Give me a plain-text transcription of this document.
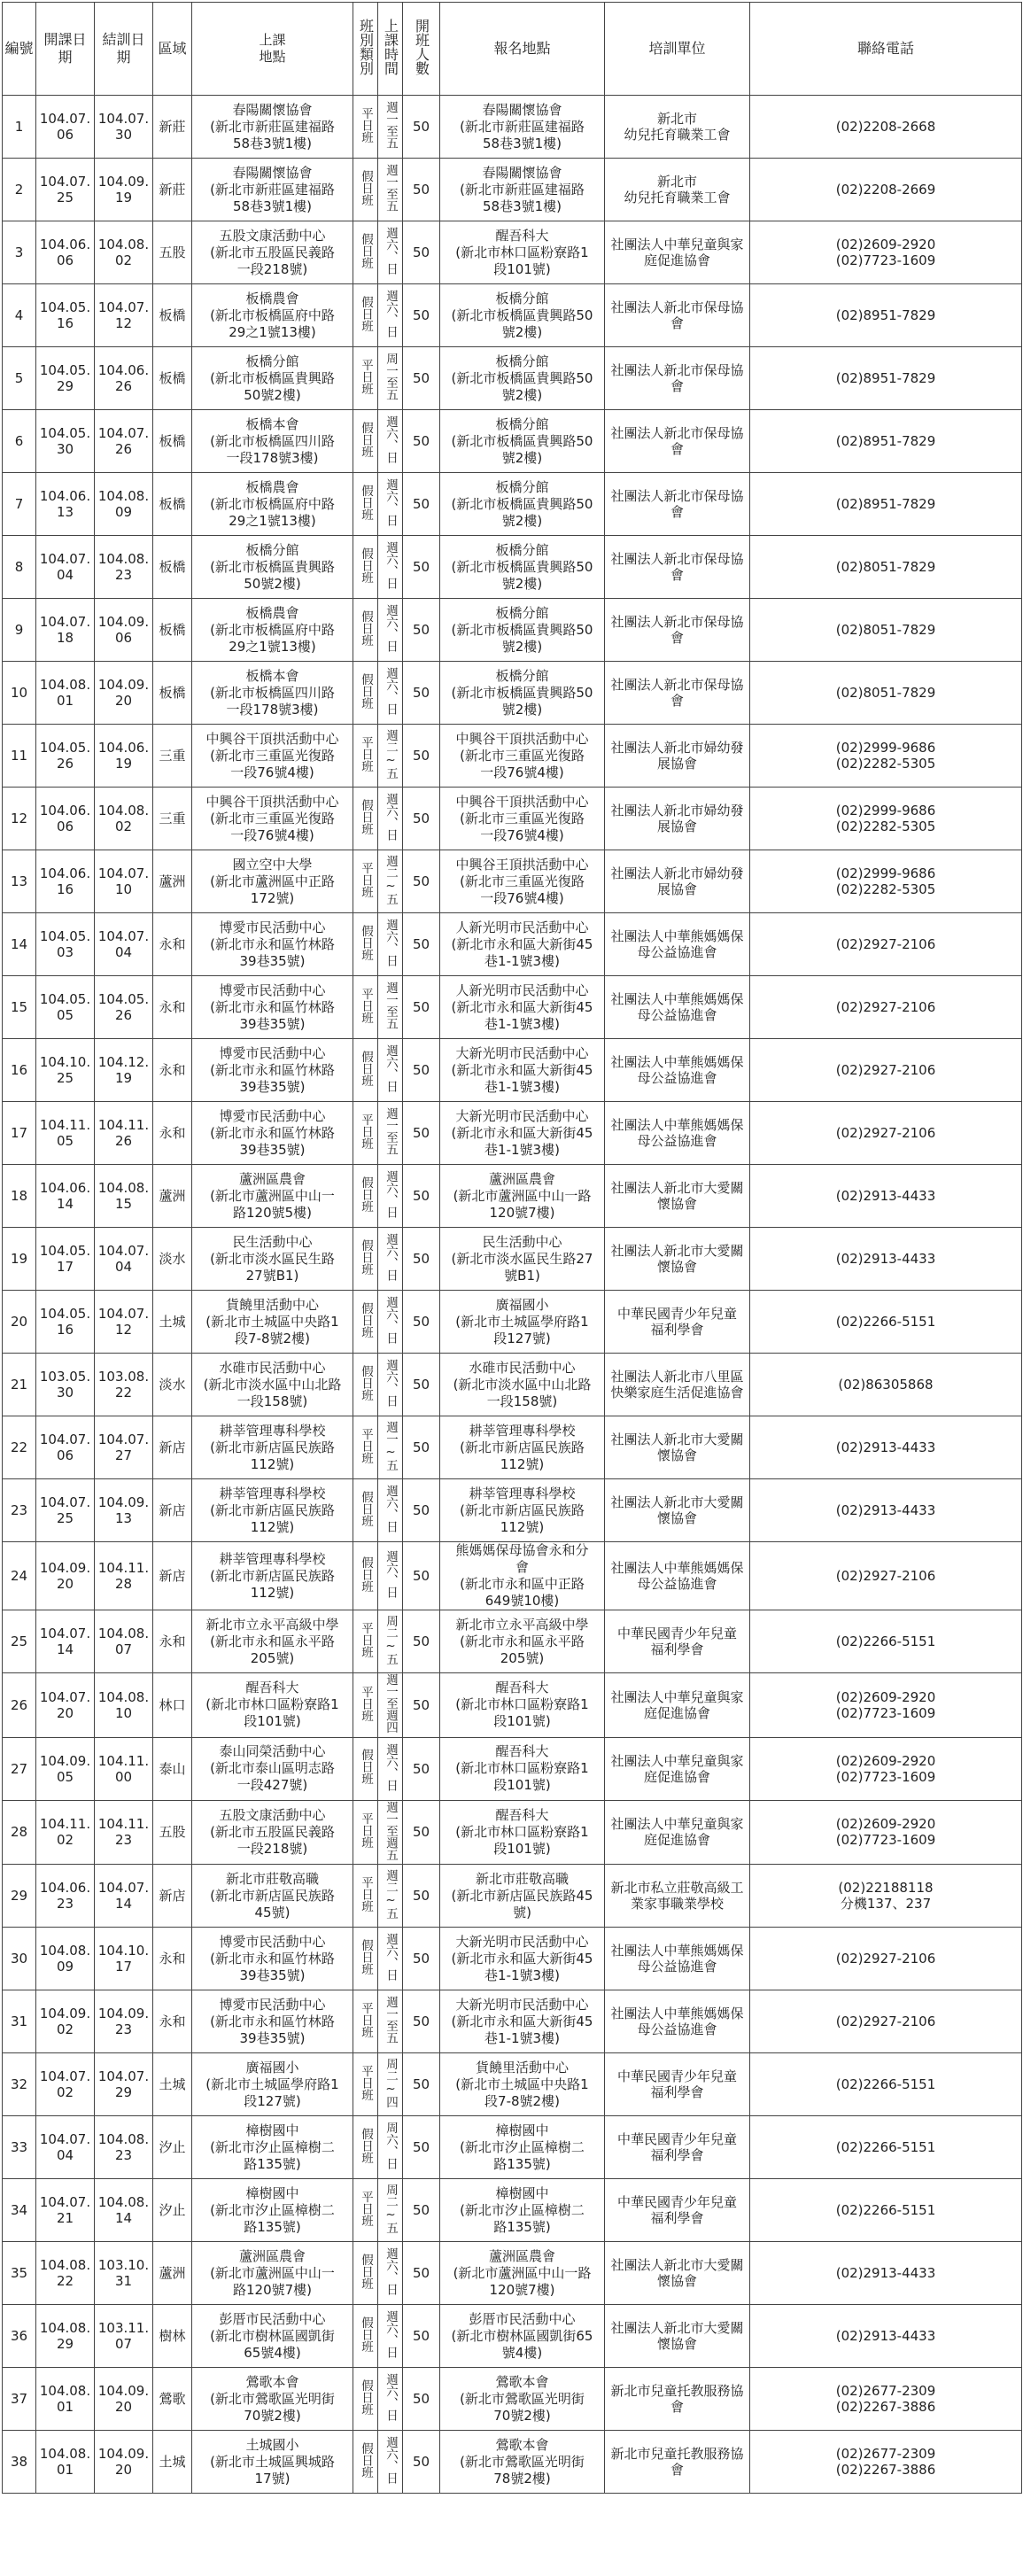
編號	開課日期	結訓日期	區域	上課
地點	班別類別	上課時間	開班人數	報名地點	培訓單位	聯絡電話

1	104.07.06	104.07.30	新莊	春陽關懷協會
(新北市新莊區建福路
58巷3號1樓)	平日班	週一至五	50	春陽關懷協會
(新北市新莊區建福路
58巷3號1樓)	新北市
幼兒托育職業工會	(02)2208-2668

2	104.07.25	104.09.19	新莊	春陽關懷協會
(新北市新莊區建福路
58巷3號1樓)	假日班	週一至五	50	春陽關懷協會
(新北市新莊區建福路
58巷3號1樓)	新北市
幼兒托育職業工會	(02)2208-2669

3	104.06.06	104.08.02	五股	五股文康活動中心
(新北市五股區民義路
一段218號)	假日班	週六、日	50	醒吾科大
(新北市林口區粉寮路1
段101號)	社團法人中華兒童與家
庭促進協會	(02)2609-2920
(02)7723-1609

4	104.05.16	104.07.12	板橋	板橋農會
(新北市板橋區府中路
29之1號13樓)	假日班	週六、日	50	板橋分館
(新北市板橋區貴興路50
號2樓)	社團法人新北市保母協
會	(02)8951-7829

5	104.05.29	104.06.26	板橋	板橋分館
(新北市板橋區貴興路
50號2樓)	平日班	周一至五	50	板橋分館
(新北市板橋區貴興路50
號2樓)	社團法人新北市保母協
會	(02)8951-7829

6	104.05.30	104.07.26	板橋	板橋本會
(新北市板橋區四川路
一段178號3樓)	假日班	週六、日	50	板橋分館
(新北市板橋區貴興路50
號2樓)	社團法人新北市保母協
會	(02)8951-7829

7	104.06.13	104.08.09	板橋	板橋農會
(新北市板橋區府中路
29之1號13樓)	假日班	週六、日	50	板橋分館
(新北市板橋區貴興路50
號2樓)	社團法人新北市保母協
會	(02)8951-7829

8	104.07.04	104.08.23	板橋	板橋分館
(新北市板橋區貴興路
50號2樓)	假日班	週六、日	50	板橋分館
(新北市板橋區貴興路50
號2樓)	社團法人新北市保母協
會	(02)8051-7829

9	104.07.18	104.09.06	板橋	板橋農會
(新北市板橋區府中路
29之1號13樓)	假日班	週六、日	50	板橋分館
(新北市板橋區貴興路50
號2樓)	社團法人新北市保母協
會	(02)8051-7829

10	104.08.01	104.09.20	板橋	板橋本會
(新北市板橋區四川路
一段178號3樓)	假日班	週六、日	50	板橋分館
(新北市板橋區貴興路50
號2樓)	社團法人新北市保母協
會	(02)8051-7829

11	104.05.26	104.06.19	三重	中興谷干頂拱活動中心
(新北市三重區光復路
一段76號4樓)	平日班	週二~五	50	中興谷干頂拱活動中心
(新北市三重區光復路
一段76號4樓)	社團法人新北市婦幼發
展協會	(02)2999-9686
(02)2282-5305

12	104.06.06	104.08.02	三重	中興谷干頂拱活動中心
(新北市三重區光復路
一段76號4樓)	假日班	週六、日	50	中興谷干頂拱活動中心
(新北市三重區光復路
一段76號4樓)	社團法人新北市婦幼發
展協會	(02)2999-9686
(02)2282-5305

13	104.06.16	104.07.10	蘆洲	國立空中大學
(新北市蘆洲區中正路
172號)	平日班	週二~五	50	中興谷王頂拱活動中心
(新北市三重區光復路
一段76號4樓)	社團法人新北市婦幼發
展協會	(02)2999-9686
(02)2282-5305

14	104.05.03	104.07.04	永和	博愛市民活動中心
(新北市永和區竹林路
39巷35號)	假日班	週六、日	50	人新光明市民活動中心
(新北市永和區大新街45
巷1-1號3樓)	社團法人中華熊媽媽保
母公益協進會	(02)2927-2106

15	104.05.05	104.05.26	永和	博愛市民活動中心
(新北市永和區竹林路
39巷35號)	平日班	週一至五	50	人新光明市民活動中心
(新北市永和區大新街45
巷1-1號3樓)	社團法人中華熊媽媽保
母公益協進會	(02)2927-2106

16	104.10.25	104.12.19	永和	博愛市民活動中心
(新北市永和區竹林路
39巷35號)	假日班	週六、日	50	大新光明市民活動中心
(新北市永和區大新街45
巷1-1號3樓)	社團法人中華熊媽媽保
母公益協進會	(02)2927-2106

17	104.11.05	104.11.26	永和	博愛市民活動中心
(新北市永和區竹林路
39巷35號)	平日班	週一至五	50	大新光明市民活動中心
(新北市永和區大新街45
巷1-1號3樓)	社團法人中華熊媽媽保
母公益協進會	(02)2927-2106

18	104.06.14	104.08.15	蘆洲	蘆洲區農會
(新北市蘆洲區中山一
路120號5樓)	假日班	週六、日	50	蘆洲區農會
(新北市蘆洲區中山一路
120號7樓)	社團法人新北市大愛關
懷協會	(02)2913-4433

19	104.05.17	104.07.04	淡水	民生活動中心
(新北市淡水區民生路
27號B1)	假日班	週六、日	50	民生活動中心
(新北市淡水區民生路27
號B1)	社團法人新北市大愛關
懷協會	(02)2913-4433

20	104.05.16	104.07.12	土城	貨饒里活動中心
(新北市土城區中央路1
段7-8號2樓)	假日班	週六、日	50	廣福國小
(新北市土城區學府路1
段127號)	中華民國青少年兒童
福利學會	(02)2266-5151

21	103.05.30	103.08.22	淡水	水碓市民活動中心
(新北市淡水區中山北路
一段158號)	假日班	週六、日	50	水碓市民活動中心
(新北市淡水區中山北路
一段158號)	社團法人新北市八里區
快樂家庭生活促進協會	(02)86305868

22	104.07.06	104.07.27	新店	耕莘管理專科學校
(新北市新店區民族路
112號)	平日班	週一~五	50	耕莘管理專科學校
(新北市新店區民族路
112號)	社團法人新北市大愛關
懷協會	(02)2913-4433

23	104.07.25	104.09.13	新店	耕莘管理專科學校
(新北市新店區民族路
112號)	假日班	週六、日	50	耕莘管理專科學校
(新北市新店區民族路
112號)	社團法人新北市大愛關
懷協會	(02)2913-4433

24	104.09.20	104.11.28	新店	耕莘管理專科學校
(新北市新店區民族路
112號)	假日班	週六、日	50	熊媽媽保母協會永和分
會
(新北市永和區中正路
649號10樓)	社團法人中華熊媽媽保
母公益協進會	(02)2927-2106

25	104.07.14	104.08.07	永和	新北市立永平高級中學
(新北市永和區永平路
205號)	平日班	周二~五	50	新北市立永平高級中學
(新北市永和區永平路
205號)	中華民國青少年兒童
福利學會	(02)2266-5151

26	104.07.20	104.08.10	林口	醒吾科大
(新北市林口區粉寮路1
段101號)	平日班	週一至週四	50	醒吾科大
(新北市林口區粉寮路1
段101號)	社團法人中華兒童與家
庭促進協會	(02)2609-2920
(02)7723-1609

27	104.09.05	104.11.00	泰山	泰山同榮活動中心
(新北市泰山區明志路
一段427號)	假日班	週六、日	50	醒吾科大
(新北市林口區粉寮路1
段101號)	社團法人中華兒童與家
庭促進協會	(02)2609-2920
(02)7723-1609

28	104.11.02	104.11.23	五股	五股文康活動中心
(新北市五股區民義路
一段218號)	平日班	週一至週五	50	醒吾科大
(新北市林口區粉寮路1
段101號)	社團法人中華兒童與家
庭促進協會	(02)2609-2920
(02)7723-1609

29	104.06.23	104.07.14	新店	新北市莊敬高職
(新北市新店區民族路
45號)	平日班	週二~五	50	新北市莊敬高職
(新北市新店區民族路45
號)	新北市私立莊敬高級工
業家事職業學校	(02)22188118
分機137、237

30	104.08.09	104.10.17	永和	博愛市民活動中心
(新北市永和區竹林路
39巷35號)	假日班	週六、日	50	大新光明市民活動中心
(新北市永和區大新街45
巷1-1號3樓)	社團法人中華熊媽媽保
母公益協進會	(02)2927-2106

31	104.09.02	104.09.23	永和	博愛市民活動中心
(新北市永和區竹林路
39巷35號)	平日班	週一至五	50	大新光明市民活動中心
(新北市永和區大新街45
巷1-1號3樓)	社團法人中華熊媽媽保
母公益協進會	(02)2927-2106

32	104.07.02	104.07.29	土城	廣福國小
(新北市土城區學府路1
段127號)	平日班	周二~四	50	貨饒里活動中心
(新北市土城區中央路1
段7-8號2樓)	中華民國青少年兒童
福利學會	(02)2266-5151

33	104.07.04	104.08.23	汐止	樟樹國中
(新北市汐止區樟樹二
路135號)	假日班	周六、日	50	樟樹國中
(新北市汐止區樟樹二
路135號)	中華民國青少年兒童
福利學會	(02)2266-5151

34	104.07.21	104.08.14	汐止	樟樹國中
(新北市汐止區樟樹二
路135號)	平日班	周二~五	50	樟樹國中
(新北市汐止區樟樹二
路135號)	中華民國青少年兒童
福利學會	(02)2266-5151

35	104.08.22	103.10.31	蘆洲	蘆洲區農會
(新北市蘆洲區中山一
路120號7樓)	假日班	週六、日	50	蘆洲區農會
(新北市蘆洲區中山一路
120號7樓)	社團法人新北市大愛關
懷協會	(02)2913-4433

36	104.08.29	103.11.07	樹林	彭厝市民活動中心
(新北市樹林區國凱街
65號4樓)	假日班	週六、日	50	彭厝市民活動中心
(新北市樹林區國凱街65
號4樓)	社團法人新北市大愛關
懷協會	(02)2913-4433

37	104.08.01	104.09.20	鶯歌	鶯歌本會
(新北市鶯歌區光明街
70號2樓)	假日班	週六、日	50	鶯歌本會
(新北市鶯歌區光明街
70號2樓)	新北市兒童托教服務協
會	(02)2677-2309
(02)2267-3886

38	104.08.01	104.09.20	土城	土城國小
(新北市土城區興城路
17號)	假日班	週六、日	50	鶯歌本會
(新北市鶯歌區光明街
78號2樓)	新北市兒童托教服務協
會	(02)2677-2309
(02)2267-3886
